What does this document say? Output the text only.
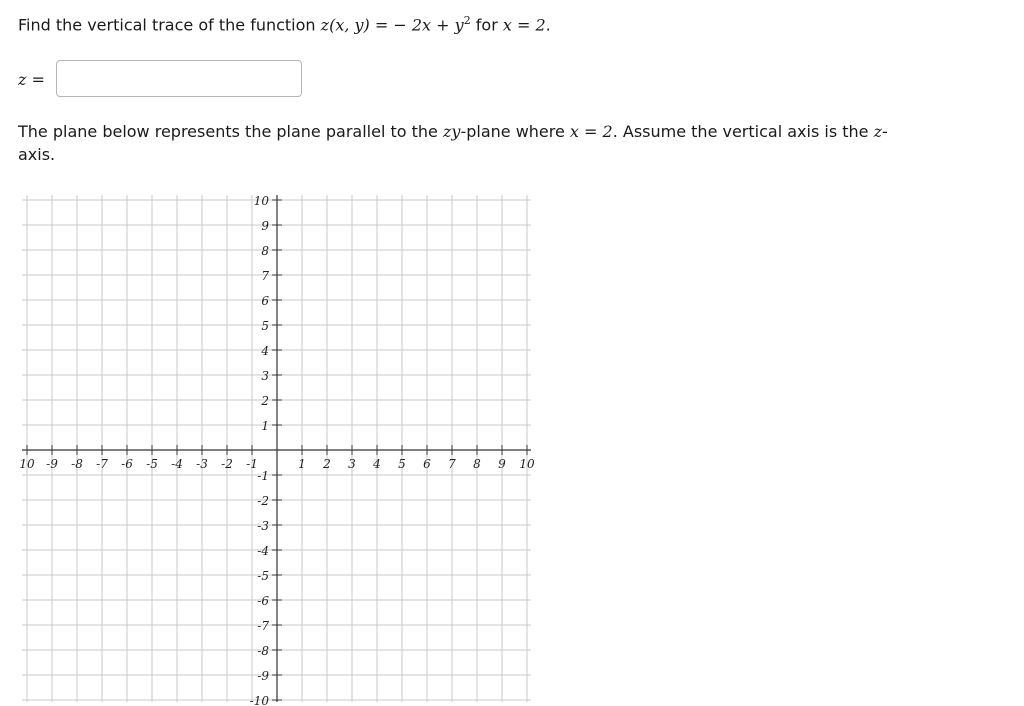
Find the vertical trace of the function z(x, y) = − $2x + y^2$ for x = 2.
z =
The plane below represents the plane parallel to the zy-plane where x = 2. Assume the vertical axis is the z-axis.
10 -9 -8 -7 -6 -5 -4 -3 -2 -1	1 2 3 4 5 6 7 8 9 10
10
9
8
7
6
5
4
3
2
1
-1
-2
-3
-4
-5
-6
-7
-8
-9
-10
